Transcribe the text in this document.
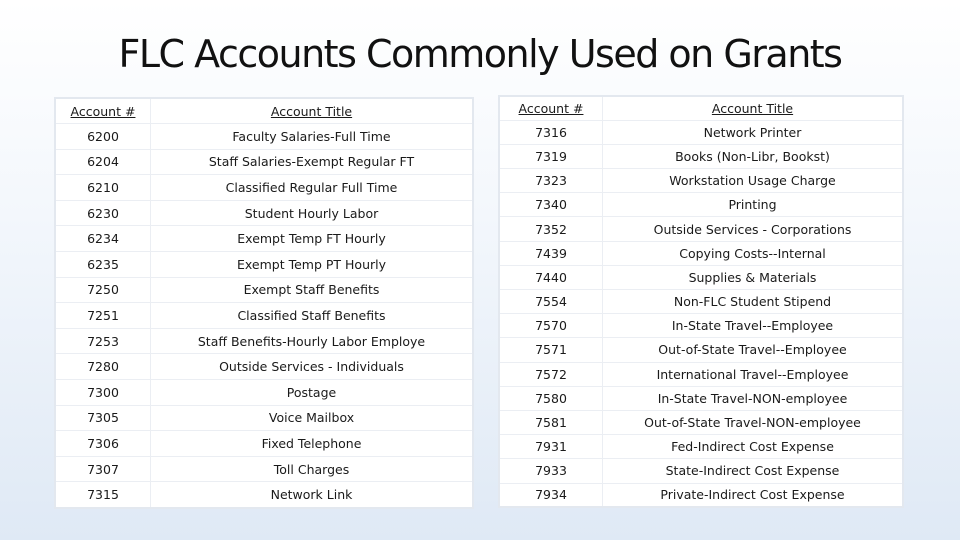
FLC Accounts Commonly Used on Grants
Account #	Account Title
6200	Faculty Salaries-Full Time
6204	Staff Salaries-Exempt Regular FT
6210	Classified Regular Full Time
6230	Student Hourly Labor
6234	Exempt Temp FT Hourly
6235	Exempt Temp PT Hourly
7250	Exempt Staff Benefits
7251	Classified Staff Benefits
7253	Staff Benefits-Hourly Labor Employe
7280	Outside Services - Individuals
7300	Postage
7305	Voice Mailbox
7306	Fixed Telephone
7307	Toll Charges
7315	Network Link
Account #	Account Title
7316	Network Printer
7319	Books (Non-Libr, Bookst)
7323	Workstation Usage Charge
7340	Printing
7352	Outside Services - Corporations
7439	Copying Costs--Internal
7440	Supplies & Materials
7554	Non-FLC Student Stipend
7570	In-State Travel--Employee
7571	Out-of-State Travel--Employee
7572	International Travel--Employee
7580	In-State Travel-NON-employee
7581	Out-of-State Travel-NON-employee
7931	Fed-Indirect Cost Expense
7933	State-Indirect Cost Expense
7934	Private-Indirect Cost Expense
